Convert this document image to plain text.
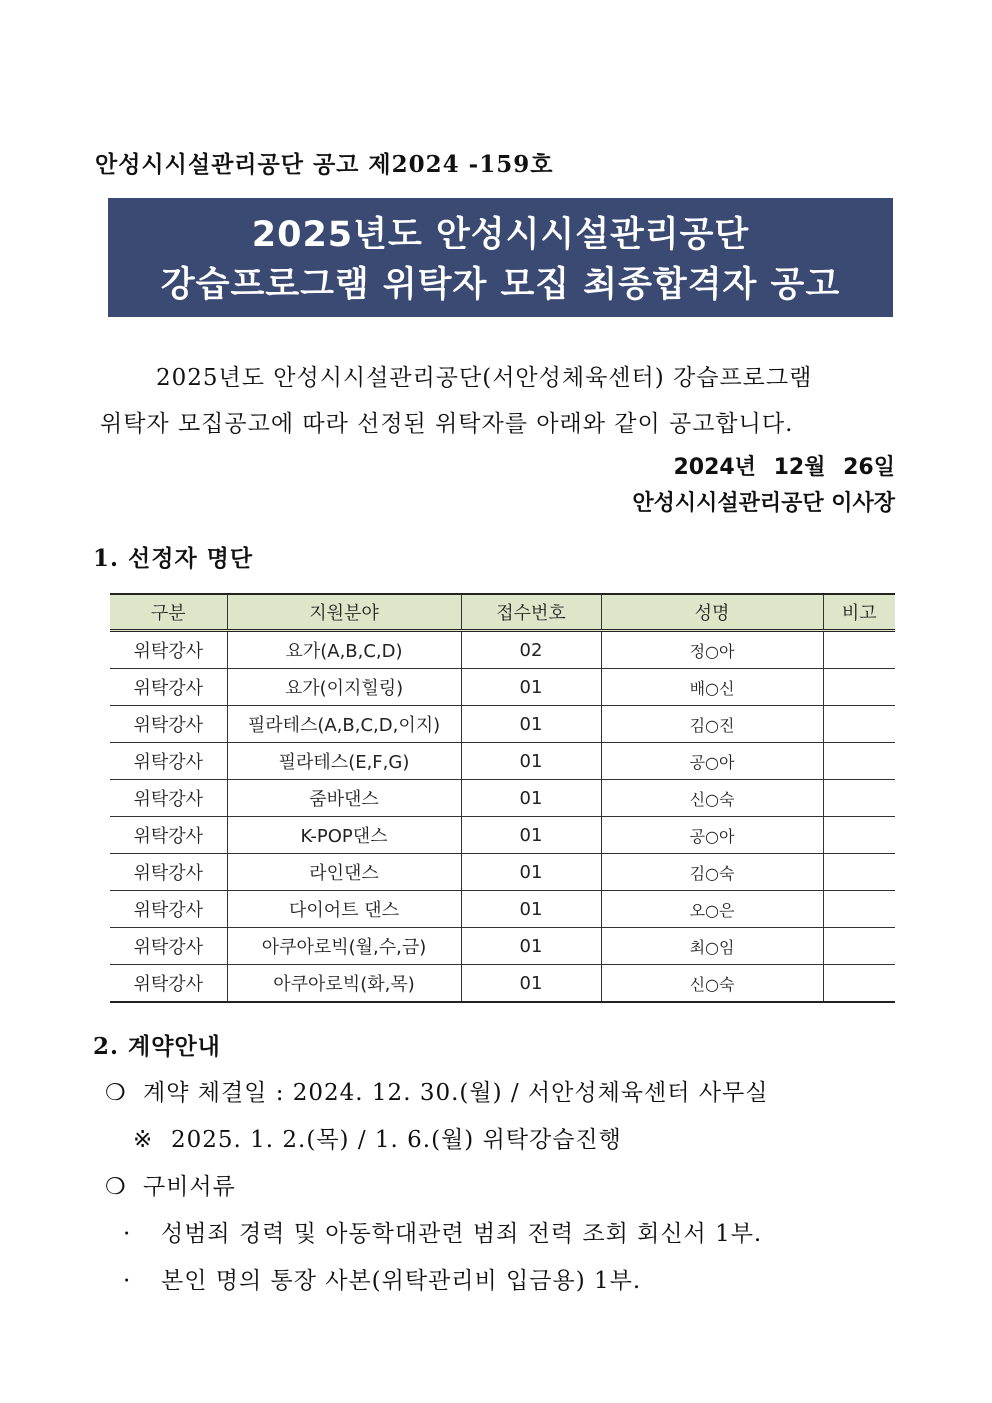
안성시시설관리공단 공고 제2024 -159호
2025년도 안성시시설관리공단
강습프로그램 위탁자 모집 최종합격자 공고
2025년도 안성시시설관리공단(서안성체육센터) 강습프로그램
위탁자 모집공고에 따라 선정된 위탁자를 아래와 같이 공고합니다.
2024년 12월 26일
안성시시설관리공단 이사장
1. 선정자 명단
구분	지원분야	접수번호	성명	비고
위탁강사	요가(A,B,C,D)	02	정○아	
위탁강사	요가(이지힐링)	01	배○신	
위탁강사	필라테스(A,B,C,D,이지)	01	김○진	
위탁강사	필라테스(E,F,G)	01	공○아	
위탁강사	줌바댄스	01	신○숙	
위탁강사	K-POP댄스	01	공○아	
위탁강사	라인댄스	01	김○숙	
위탁강사	다이어트 댄스	01	오○은	
위탁강사	아쿠아로빅(월,수,금)	01	최○임	
위탁강사	아쿠아로빅(화,목)	01	신○숙	
2. 계약안내
❍ 계약 체결일 : 2024. 12. 30.(월) / 서안성체육센터 사무실
※ 2025. 1. 2.(목) / 1. 6.(월) 위탁강습진행
❍ 구비서류
· 성범죄 경력 및 아동학대관련 범죄 전력 조회 회신서 1부.
· 본인 명의 통장 사본(위탁관리비 입금용) 1부.
